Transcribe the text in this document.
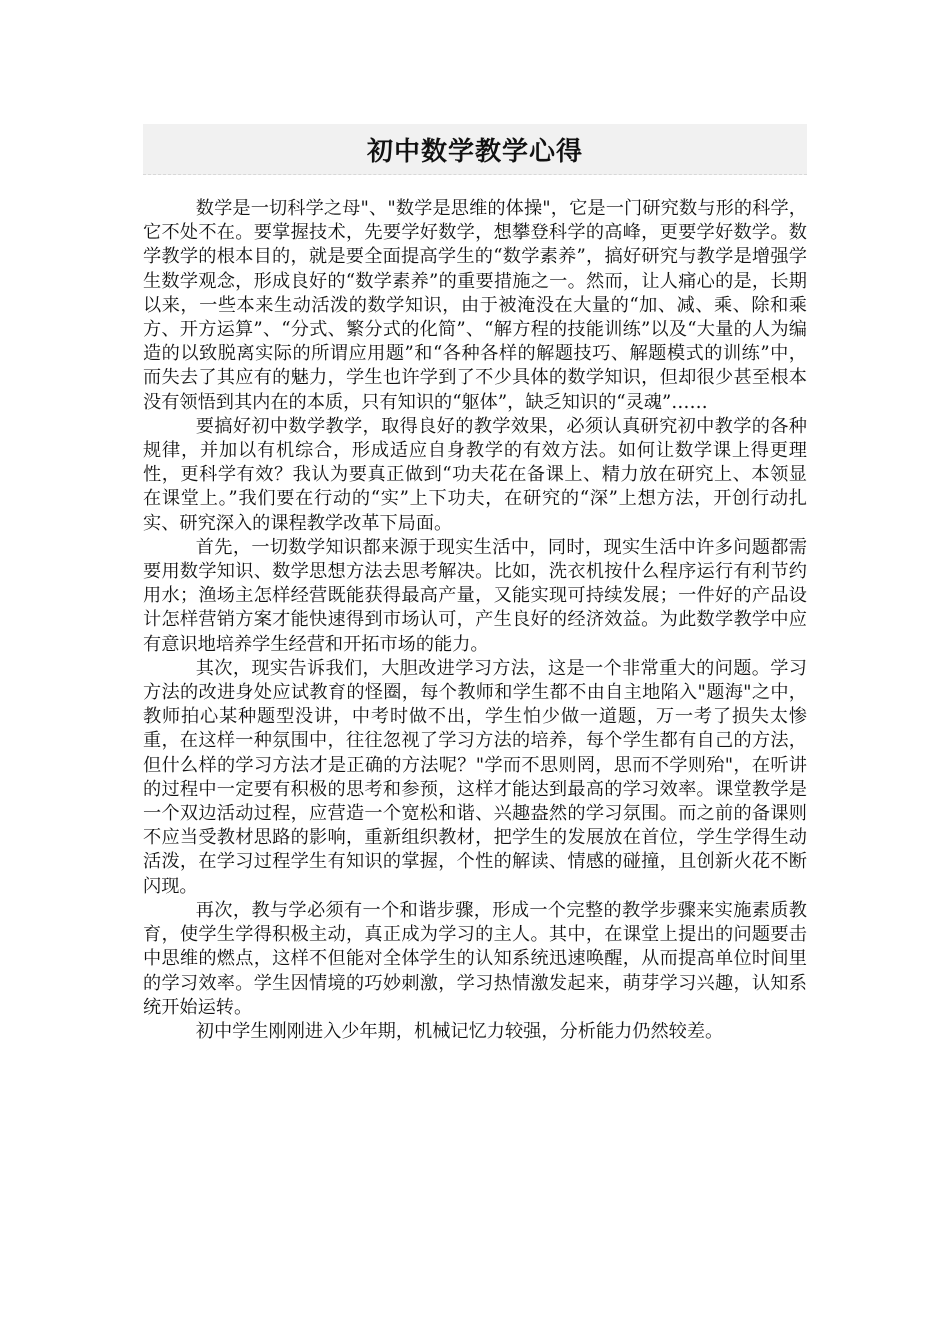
初中数学教学心得

数学是一切科学之母"、"数学是思维的体操"，它是一门研究数与形的科学，它不处不在。要掌握技术，先要学好数学，想攀登科学的高峰，更要学好数学。数学教学的根本目的，就是要全面提高学生的“数学素养”，搞好研究与教学是增强学生数学观念，形成良好的“数学素养”的重要措施之一。然而，让人痛心的是，长期以来，一些本来生动活泼的数学知识，由于被淹没在大量的“加、减、乘、除和乘方、开方运算”、“分式、繁分式的化简”、“解方程的技能训练”以及“大量的人为编造的以致脱离实际的所谓应用题”和“各种各样的解题技巧、解题模式的训练”中，而失去了其应有的魅力，学生也许学到了不少具体的数学知识，但却很少甚至根本没有领悟到其内在的本质，只有知识的“躯体”，缺乏知识的“灵魂”……

要搞好初中数学教学，取得良好的教学效果，必须认真研究初中教学的各种规律，并加以有机综合，形成适应自身教学的有效方法。如何让数学课上得更理性，更科学有效？我认为要真正做到“功夫花在备课上、精力放在研究上、本领显在课堂上。”我们要在行动的“实”上下功夫，在研究的“深”上想方法，开创行动扎实、研究深入的课程教学改革下局面。

首先，一切数学知识都来源于现实生活中，同时，现实生活中许多问题都需要用数学知识、数学思想方法去思考解决。比如，洗衣机按什么程序运行有利节约用水；渔场主怎样经营既能获得最高产量，又能实现可持续发展；一件好的产品设计怎样营销方案才能快速得到市场认可，产生良好的经济效益。为此数学教学中应有意识地培养学生经营和开拓市场的能力。

其次，现实告诉我们，大胆改进学习方法，这是一个非常重大的问题。学习方法的改进身处应试教育的怪圈，每个教师和学生都不由自主地陷入"题海"之中，教师拍心某种题型没讲，中考时做不出，学生怕少做一道题，万一考了损失太惨重，在这样一种氛围中，往往忽视了学习方法的培养，每个学生都有自己的方法，但什么样的学习方法才是正确的方法呢？"学而不思则罔，思而不学则殆"，在听讲的过程中一定要有积极的思考和参预，这样才能达到最高的学习效率。课堂教学是一个双边活动过程，应营造一个宽松和谐、兴趣盎然的学习氛围。而之前的备课则不应当受教材思路的影响，重新组织教材，把学生的发展放在首位，学生学得生动活泼，在学习过程学生有知识的掌握，个性的解读、情感的碰撞，且创新火花不断闪现。

再次，教与学必须有一个和谐步骤，形成一个完整的教学步骤来实施素质教育，使学生学得积极主动，真正成为学习的主人。其中，在课堂上提出的问题要击中思维的燃点，这样不但能对全体学生的认知系统迅速唤醒，从而提高单位时间里的学习效率。学生因情境的巧妙刺激，学习热情激发起来，萌芽学习兴趣，认知系统开始运转。

初中学生刚刚进入少年期，机械记忆力较强，分析能力仍然较差。
